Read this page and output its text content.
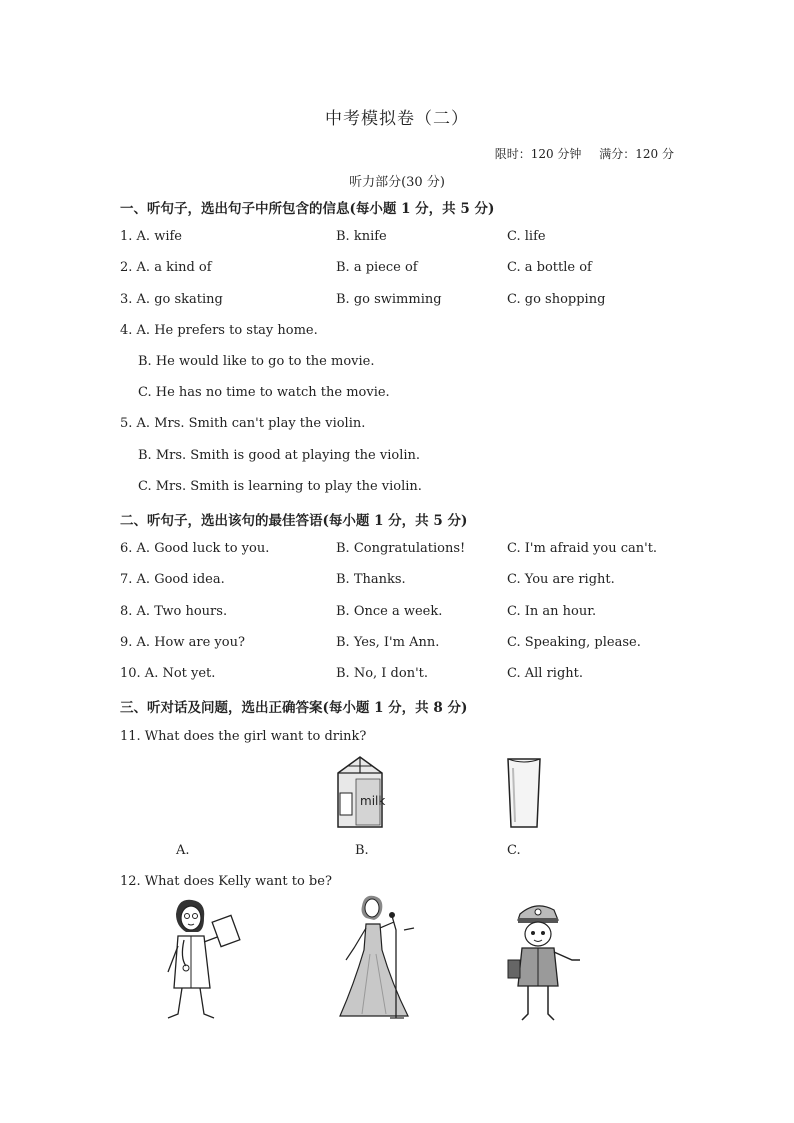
中考模拟卷（二）
限时：120 分钟 满分：120 分
听力部分(30 分)
一、听句子，选出句子中所包含的信息(每小题 1 分，共 5 分)
1. A. wife	B. knife	C. life
2. A. a kind of	B. a piece of	C. a bottle of
3. A. go skating	B. go swimming	C. go shopping
4. A. He prefers to stay home.
B. He would like to go to the movie.
C. He has no time to watch the movie.
5. A. Mrs. Smith can't play the violin.
B. Mrs. Smith is good at playing the violin.
C. Mrs. Smith is learning to play the violin.
二、听句子，选出该句的最佳答语(每小题 1 分，共 5 分)
6. A. Good luck to you.	B. Congratulations!	C. I'm afraid you can't.
7. A. Good idea.	B. Thanks.	C. You are right.
8. A. Two hours.	B. Once a week.	C. In an hour.
9. A. How are you?	B. Yes, I'm Ann.	C. Speaking, please.
10. A. Not yet.	B. No, I don't.	C. All right.
三、听对话及问题，选出正确答案(每小题 1 分，共 8 分)
11. What does the girl want to drink?
milk
A.	B.	C.
12. What does Kelly want to be?
